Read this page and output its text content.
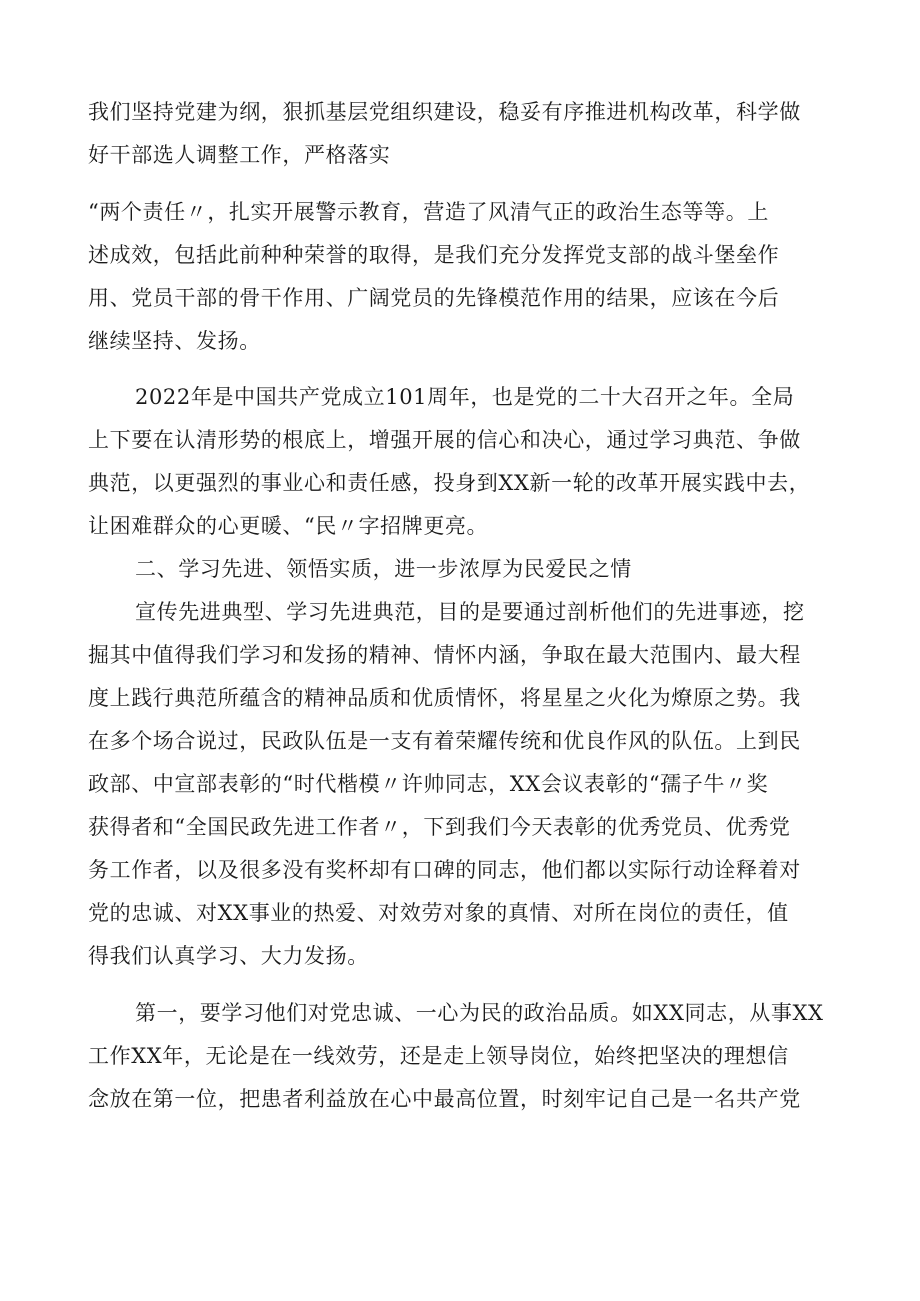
我们坚持党建为纲，狠抓基层党组织建设，稳妥有序推进机构改革，科学做
好干部选人调整工作，严格落实
“两个责任〃，扎实开展警示教育，营造了风清气正的政治生态等等。上
述成效，包括此前种种荣誉的取得，是我们充分发挥党支部的战斗堡垒作
用、党员干部的骨干作用、广阔党员的先锋模范作用的结果，应该在今后
继续坚持、发扬。
2022年是中国共产党成立101周年，也是党的二十大召开之年。全局
上下要在认清形势的根底上，增强开展的信心和决心，通过学习典范、争做
典范，以更强烈的事业心和责任感，投身到XX新一轮的改革开展实践中去，
让困难群众的心更暖、“民〃字招牌更亮。
二、学习先进、领悟实质，进一步浓厚为民爱民之情
宣传先进典型、学习先进典范，目的是要通过剖析他们的先进事迹，挖
掘其中值得我们学习和发扬的精神、情怀内涵，争取在最大范围内、最大程
度上践行典范所蕴含的精神品质和优质情怀，将星星之火化为燎原之势。我
在多个场合说过，民政队伍是一支有着荣耀传统和优良作风的队伍。上到民
政部、中宣部表彰的“时代楷模〃许帅同志，XX会议表彰的“孺子牛〃奖
获得者和“全国民政先进工作者〃，下到我们今天表彰的优秀党员、优秀党
务工作者，以及很多没有奖杯却有口碑的同志，他们都以实际行动诠释着对
党的忠诚、对XX事业的热爱、对效劳对象的真情、对所在岗位的责任，值
得我们认真学习、大力发扬。
第一，要学习他们对党忠诚、一心为民的政治品质。如XX同志，从事XX
工作XX年，无论是在一线效劳，还是走上领导岗位，始终把坚决的理想信
念放在第一位，把患者利益放在心中最高位置，时刻牢记自己是一名共产党
